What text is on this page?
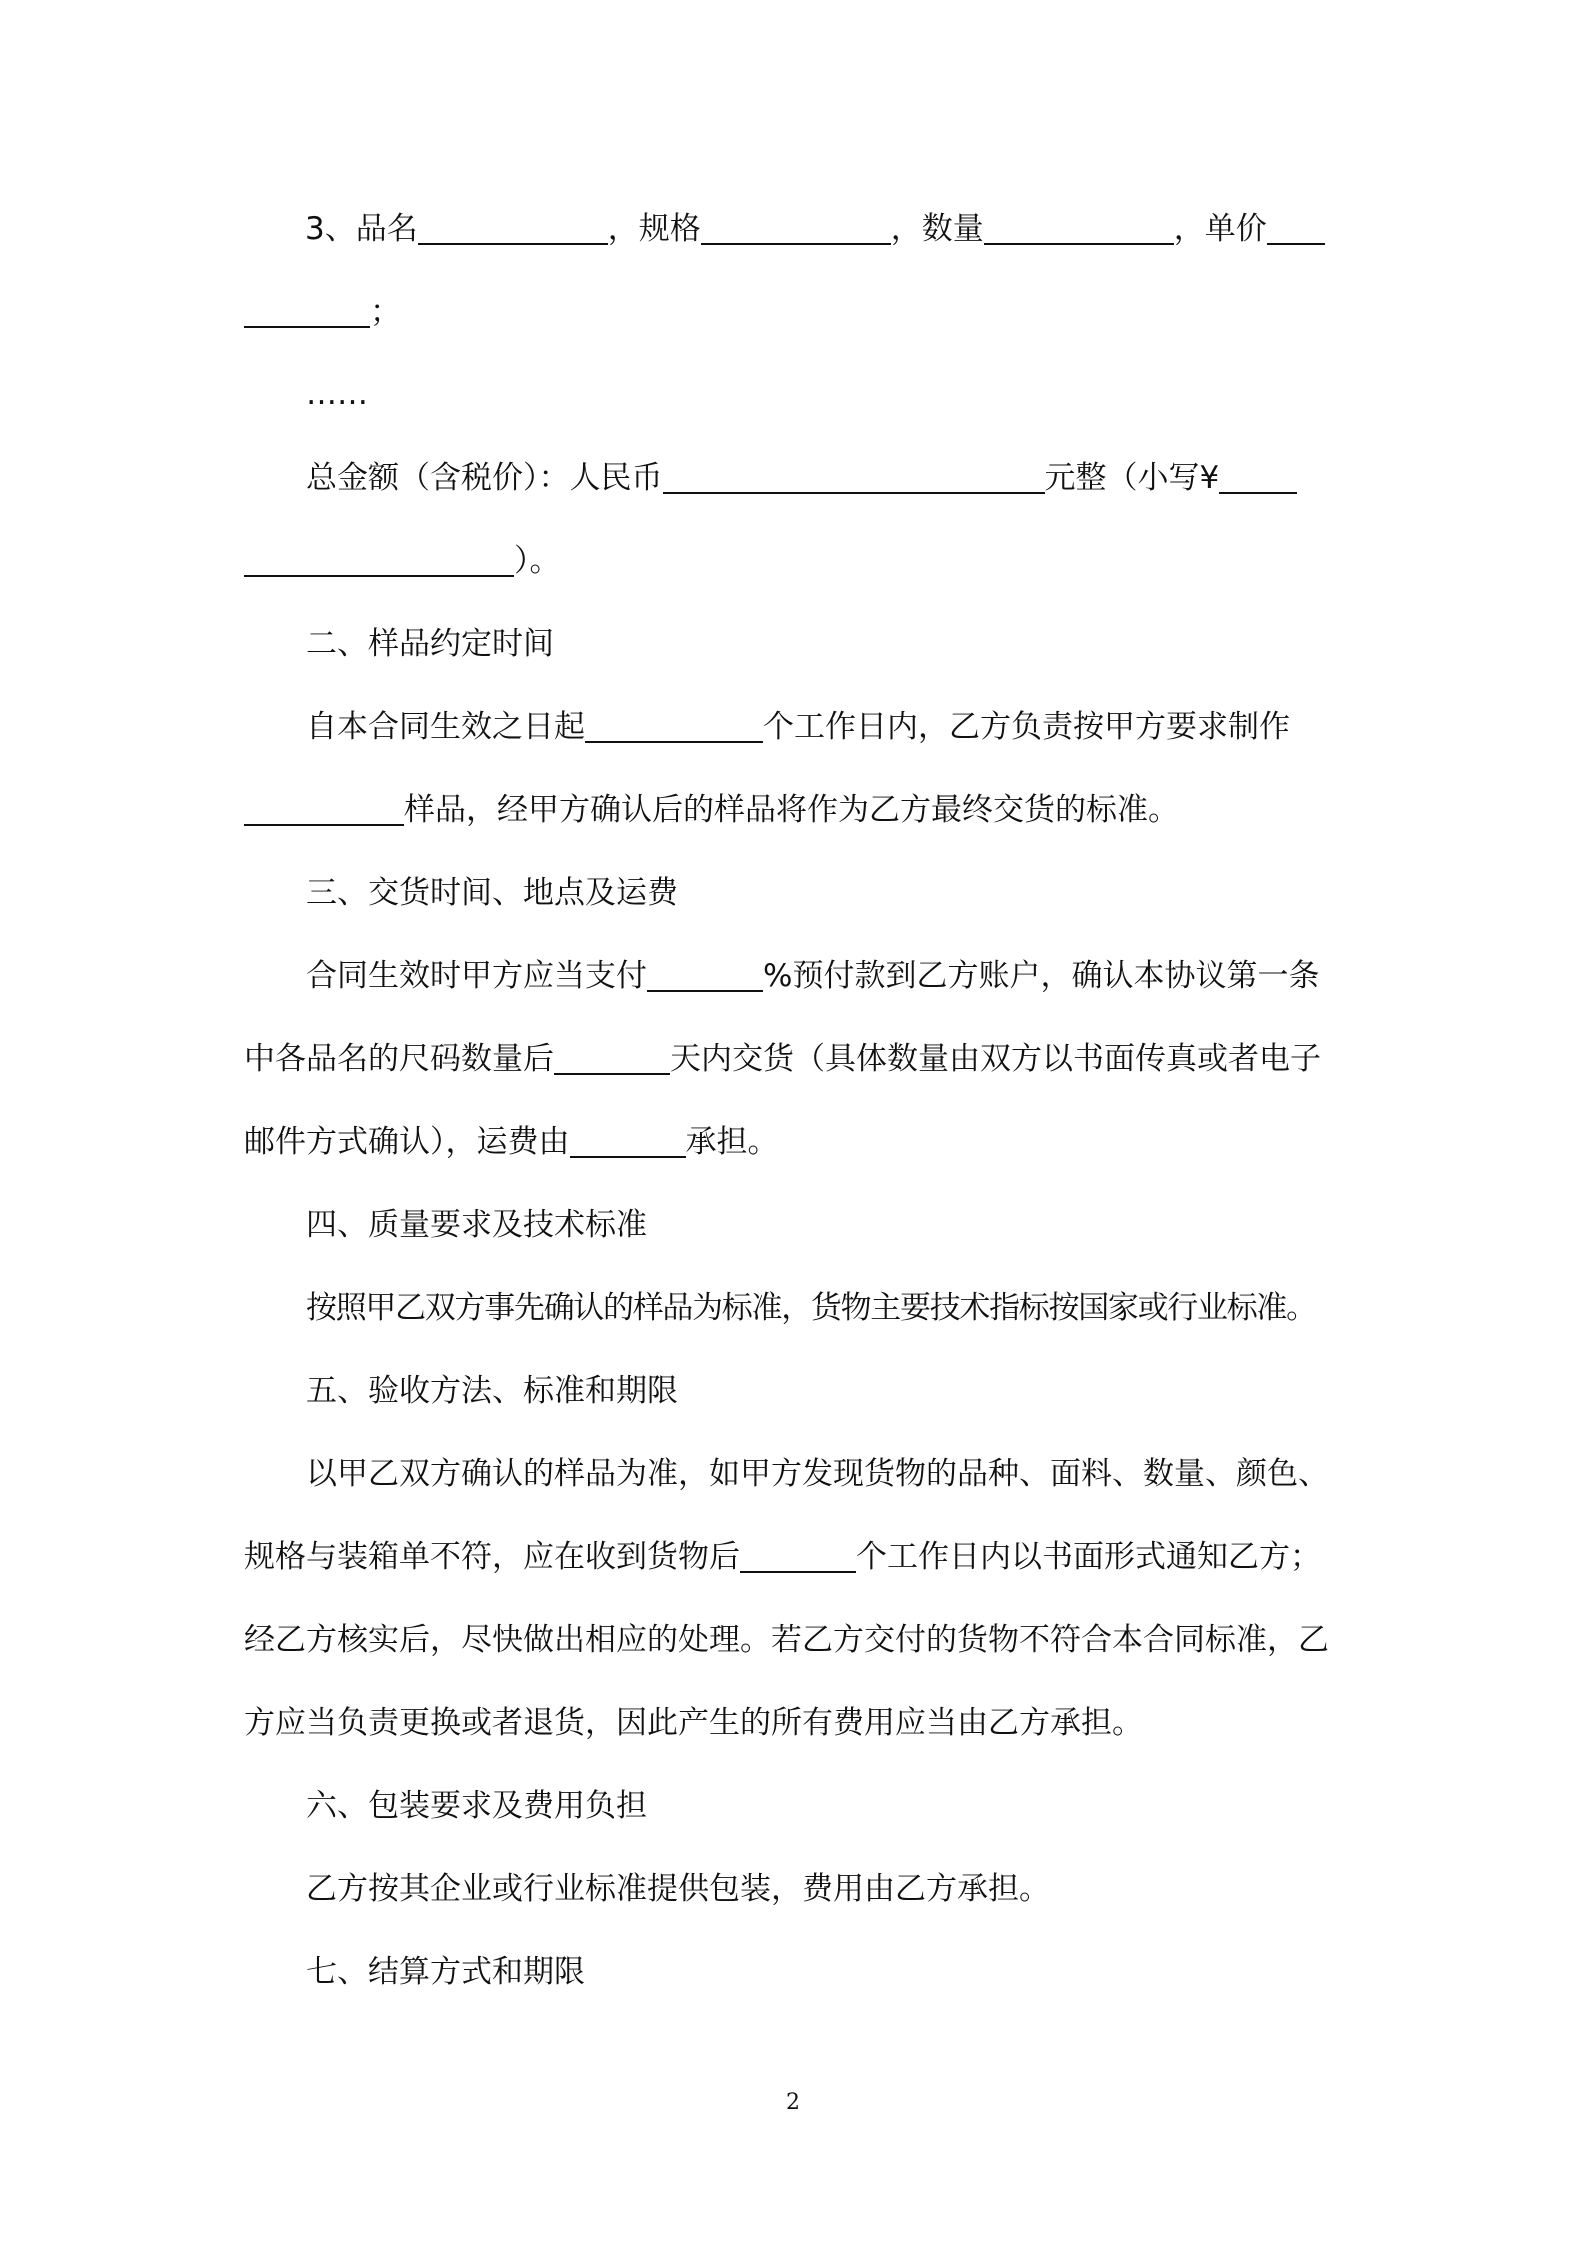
3、品名	，规格	，数量	，单价
；
……
总金额（含税价）：人民币	元整（小写¥
）。
二、样品约定时间
自本合同生效之日起	个工作日内，乙方负责按甲方要求制作
样品，经甲方确认后的样品将作为乙方最终交货的标准。
三、交货时间、地点及运费
合同生效时甲方应当支付	%预付款到乙方账户，确认本协议第一条
中各品名的尺码数量后	天内交货（具体数量由双方以书面传真或者电子
邮件方式确认），运费由	承担。
四、质量要求及技术标准
按照甲乙双方事先确认的样品为标准，货物主要技术指标按国家或行业标准。
五、验收方法、标准和期限
以甲乙双方确认的样品为准，如甲方发现货物的品种、面料、数量、颜色、
规格与装箱单不符，应在收到货物后	个工作日内以书面形式通知乙方；
经乙方核实后，尽快做出相应的处理。若乙方交付的货物不符合本合同标准，乙
方应当负责更换或者退货，因此产生的所有费用应当由乙方承担。
六、包装要求及费用负担
乙方按其企业或行业标准提供包装，费用由乙方承担。
七、结算方式和期限
2
